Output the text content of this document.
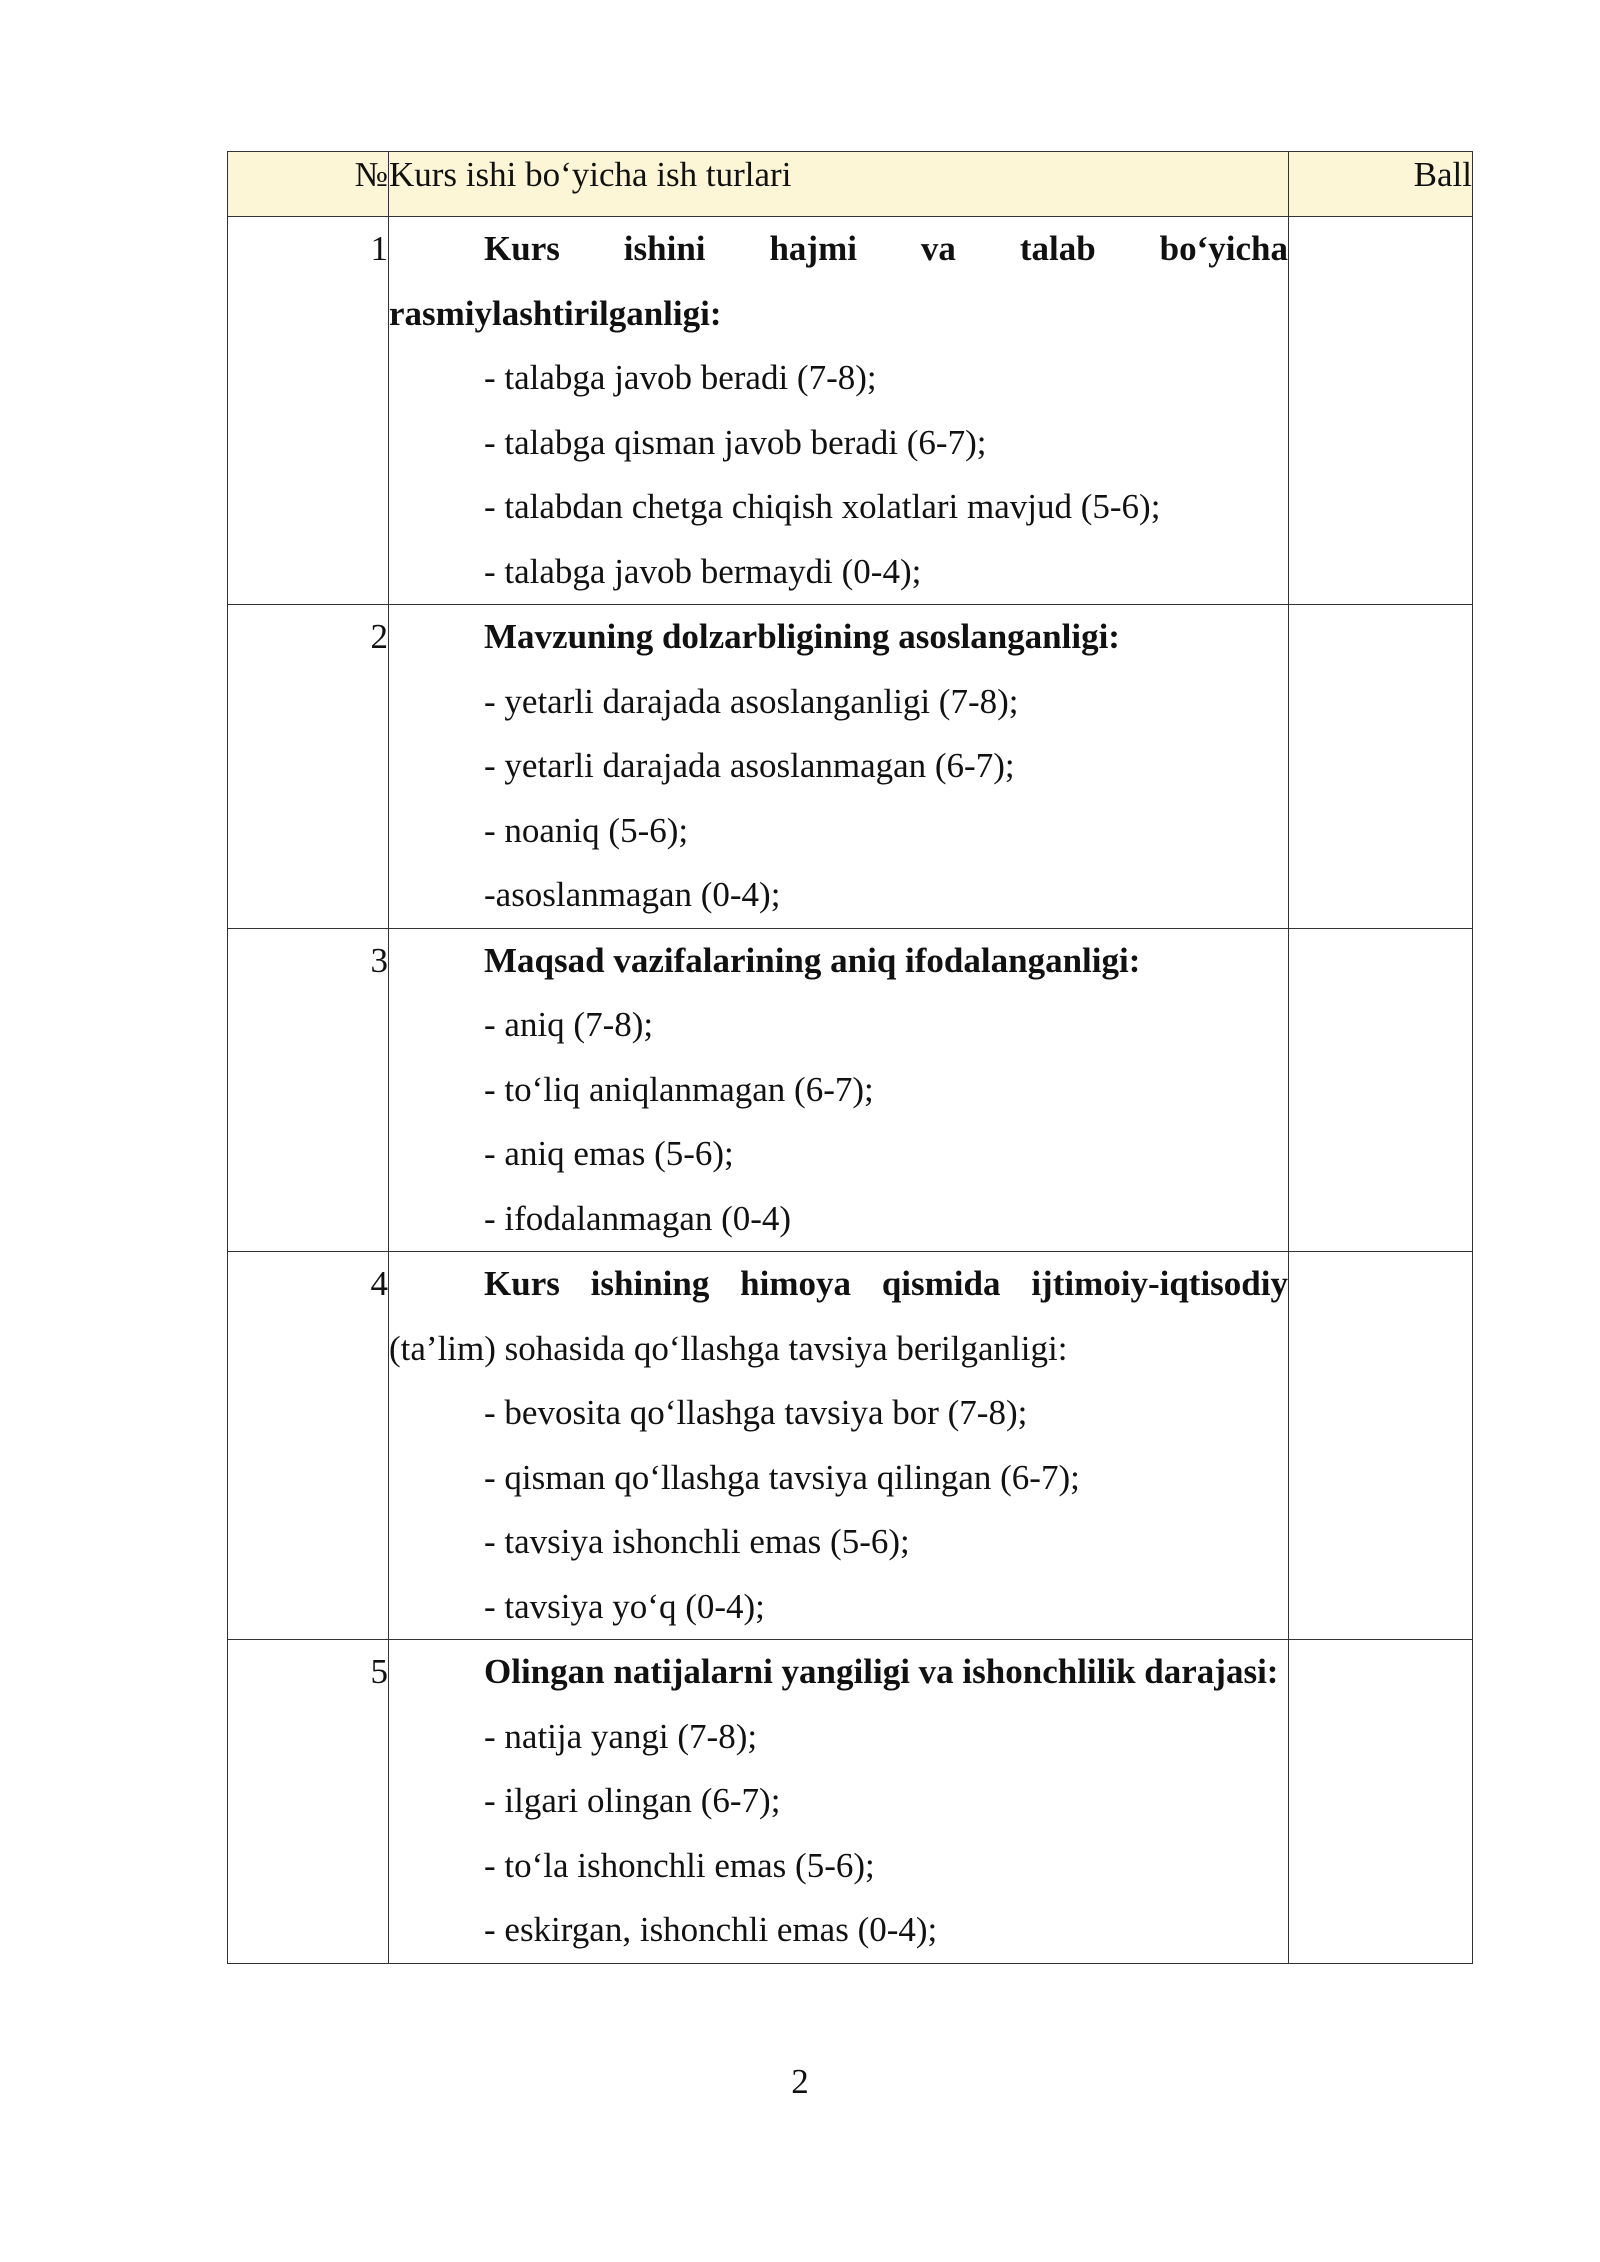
№	Kurs ishi bo‘yicha ish turlari	Ball
1	Kurs ishini hajmi va talab bo‘yicha rasmiylashtirilganligi:
- talabga javob beradi (7-8);
- talabga qisman javob beradi (6-7);
- talabdan chetga chiqish xolatlari mavjud (5-6);
- talabga javob bermaydi (0-4);	

2	Mavzuning dolzarbligining asoslanganligi:
- yetarli darajada asoslanganligi (7-8);
- yetarli darajada asoslanmagan (6-7);
- noaniq (5-6);
-asoslanmagan (0-4);	

3	Maqsad vazifalarining aniq ifodalanganligi:
- aniq (7-8);
- to‘liq aniqlanmagan (6-7);
- aniq emas (5-6);
- ifodalanmagan (0-4)	

4	Kurs ishining himoya qismida ijtimoiy-iqtisodiy (ta’lim) sohasida qo‘llashga tavsiya berilganligi:
- bevosita qo‘llashga tavsiya bor (7-8);
- qisman qo‘llashga tavsiya qilingan (6-7);
- tavsiya ishonchli emas (5-6);
- tavsiya yo‘q (0-4);	

5	Olingan natijalarni yangiligi va ishonchlilik darajasi:
- natija yangi (7-8);
- ilgari olingan (6-7);
- to‘la ishonchli emas (5-6);
- eskirgan, ishonchli emas (0-4);	

2
